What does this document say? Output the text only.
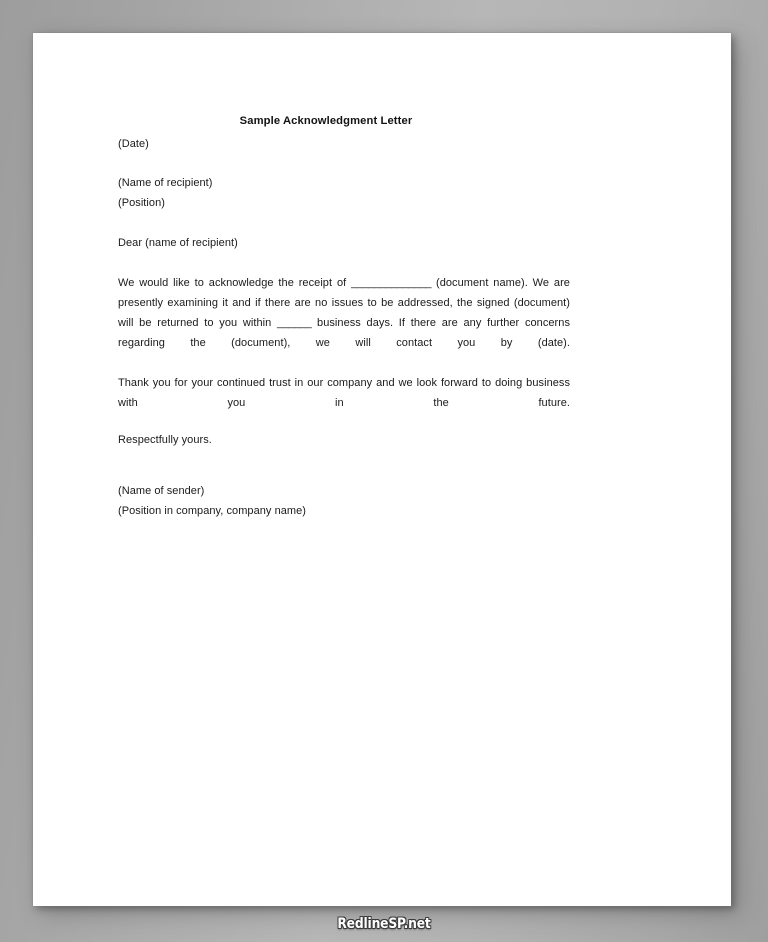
Sample Acknowledgment Letter
(Date)
(Name of recipient)
(Position)
Dear (name of recipient)

We would like to acknowledge the receipt of ______________ (document name). We are presently examining it and if there are no issues to be addressed, the signed (document) will be returned to you within ______ business days. If there are any further concerns regarding the (document), we will contact you by (date).

Thank you for your continued trust in our company and we look forward to doing business with you in the future.

Respectfully yours.
(Name of sender)
(Position in company, company name)
RedlineSP.net
